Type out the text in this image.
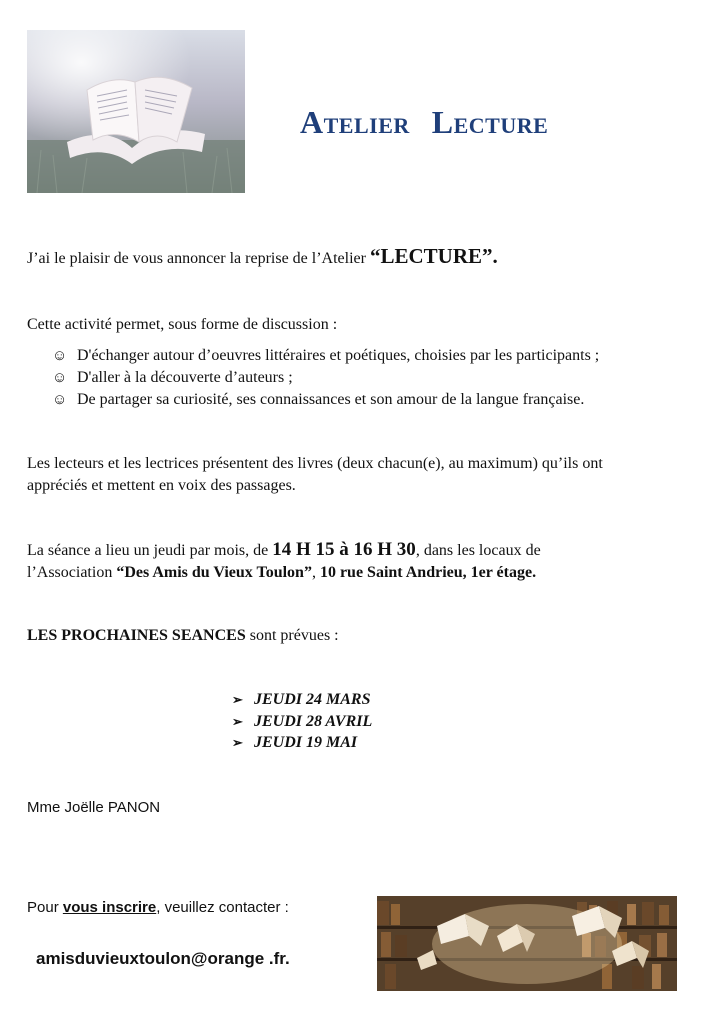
Atelier Lecture
J’ai le plaisir de vous annoncer la reprise de l’Atelier “LECTURE”.
Cette activité permet, sous forme de discussion :
☺ D'échanger autour d’oeuvres littéraires et poétiques, choisies par les participants ;
☺ D'aller à la découverte d’auteurs ;
☺ De partager sa curiosité, ses connaissances et son amour de la langue française.
Les lecteurs et les lectrices présentent des livres (deux chacun(e), au maximum) qu’ils ont
appréciés et mettent en voix des passages.
La séance a lieu un jeudi par mois, de 14 H 15 à 16 H 30, dans les locaux de
l’Association “Des Amis du Vieux Toulon”, 10 rue Saint Andrieu, 1er étage.
LES PROCHAINES SEANCES sont prévues :
➢ JEUDI 24 MARS
➢ JEUDI 28 AVRIL
➢ JEUDI 19 MAI
Mme Joëlle PANON
Pour vous inscrire, veuillez contacter :
amisduvieuxtoulon@orange .fr.
